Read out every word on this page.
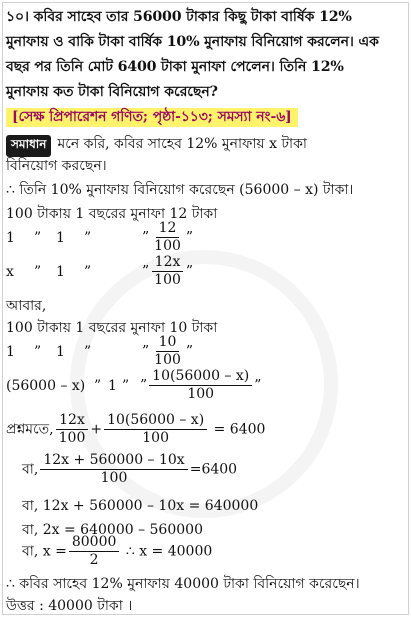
১০। কবির সাহেব তার 56000 টাকার কিছু টাকা বার্ষিক 12%
মুনাফায় ও বাকি টাকা বার্ষিক 10% মুনাফায় বিনিয়োগ করলেন। এক
বছর পর তিনি মোট 6400 টাকা মুনাফা পেলেন। তিনি 12%
মুনাফায় কত টাকা বিনিয়োগ করেছেন?
[সেক্ষ প্রিপারেশন গণিত; পৃষ্ঠা-১১৩; সমস্যা নং-৬]
সমাধান মনে করি, কবির সাহেব 12% মুনাফায় x টাকা
বিনিয়োগ করছেন।
∴ তিনি 10% মুনাফায় বিনিয়োগ করেছেন (56000 – x) টাকা।
100 টাকায় 1 বছরের মুনাফা 12 টাকা
1 ” 1 ”	” $\frac{12}{100}$ ”
x ” 1 ”	” $\frac{12x}{100}$ ”
আবার,
100 টাকায় 1 বছরের মুনাফা 10 টাকা
1 ” 1 ”	” $\frac{10}{100}$ ”
(56000 – x) ” 1 ” ” $\frac{10(56000 - x)}{100}$ ”
প্রশ্নমতে, $\frac{12x}{100} + \frac{10(56000 - x)}{100} = 6400$
বা, $\frac{12x + 560000 - 10x}{100} =6400$
বা, 12x + 560000 – 10x = 640000
বা, 2x = 640000 – 560000
বা, $x = \frac{80000}{2}$ ∴ x = 40000
∴ কবির সাহেব 12% মুনাফায় 40000 টাকা বিনিয়োগ করেছেন।
উত্তর : 40000 টাকা ।
